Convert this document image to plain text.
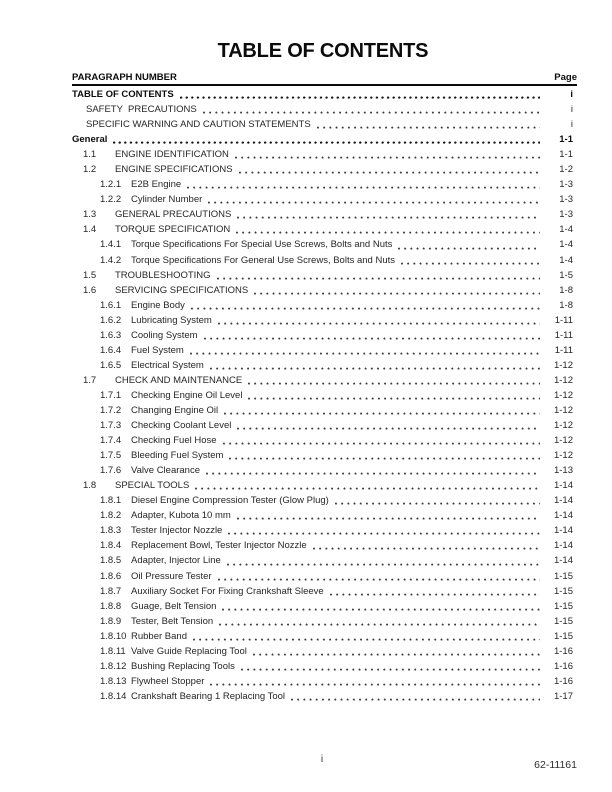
TABLE OF CONTENTS
PARAGRAPH NUMBER	Page
TABLE OF CONTENTS	i
SAFETY  PRECAUTIONS	i
SPECIFIC WARNING AND CAUTION STATEMENTS	i
General	1-1
1.1	ENGINE IDENTIFICATION	1-1
1.2	ENGINE SPECIFICATIONS	1-2
1.2.1	E2B Engine	1-3
1.2.2	Cylinder Number	1-3
1.3	GENERAL PRECAUTIONS	1-3
1.4	TORQUE SPECIFICATION	1-4
1.4.1	Torque Specifications For Special Use Screws, Bolts and Nuts	1-4
1.4.2	Torque Specifications For General Use Screws, Bolts and Nuts	1-4
1.5	TROUBLESHOOTING	1-5
1.6	SERVICING SPECIFICATIONS	1-8
1.6.1	Engine Body	1-8
1.6.2	Lubricating System	1-11
1.6.3	Cooling System	1-11
1.6.4	Fuel System	1-11
1.6.5	Electrical System	1-12
1.7	CHECK AND MAINTENANCE	1-12
1.7.1	Checking Engine Oil Level	1-12
1.7.2	Changing Engine Oil	1-12
1.7.3	Checking Coolant Level	1-12
1.7.4	Checking Fuel Hose	1-12
1.7.5	Bleeding Fuel System	1-12
1.7.6	Valve Clearance	1-13
1.8	SPECIAL TOOLS	1-14
1.8.1	Diesel Engine Compression Tester (Glow Plug)	1-14
1.8.2	Adapter, Kubota 10 mm	1-14
1.8.3	Tester Injector Nozzle	1-14
1.8.4	Replacement Bowl, Tester Injector Nozzle	1-14
1.8.5	Adapter, Injector Line	1-14
1.8.6	Oil Pressure Tester	1-15
1.8.7	Auxiliary Socket For Fixing Crankshaft Sleeve	1-15
1.8.8	Guage, Belt Tension	1-15
1.8.9	Tester, Belt Tension	1-15
1.8.10 Rubber Band	1-15
1.8.11 Valve Guide Replacing Tool	1-16
1.8.12 Bushing Replacing Tools	1-16
1.8.13 Flywheel Stopper	1-16
1.8.14 Crankshaft Bearing 1 Replacing Tool	1-17
i	62-11161
